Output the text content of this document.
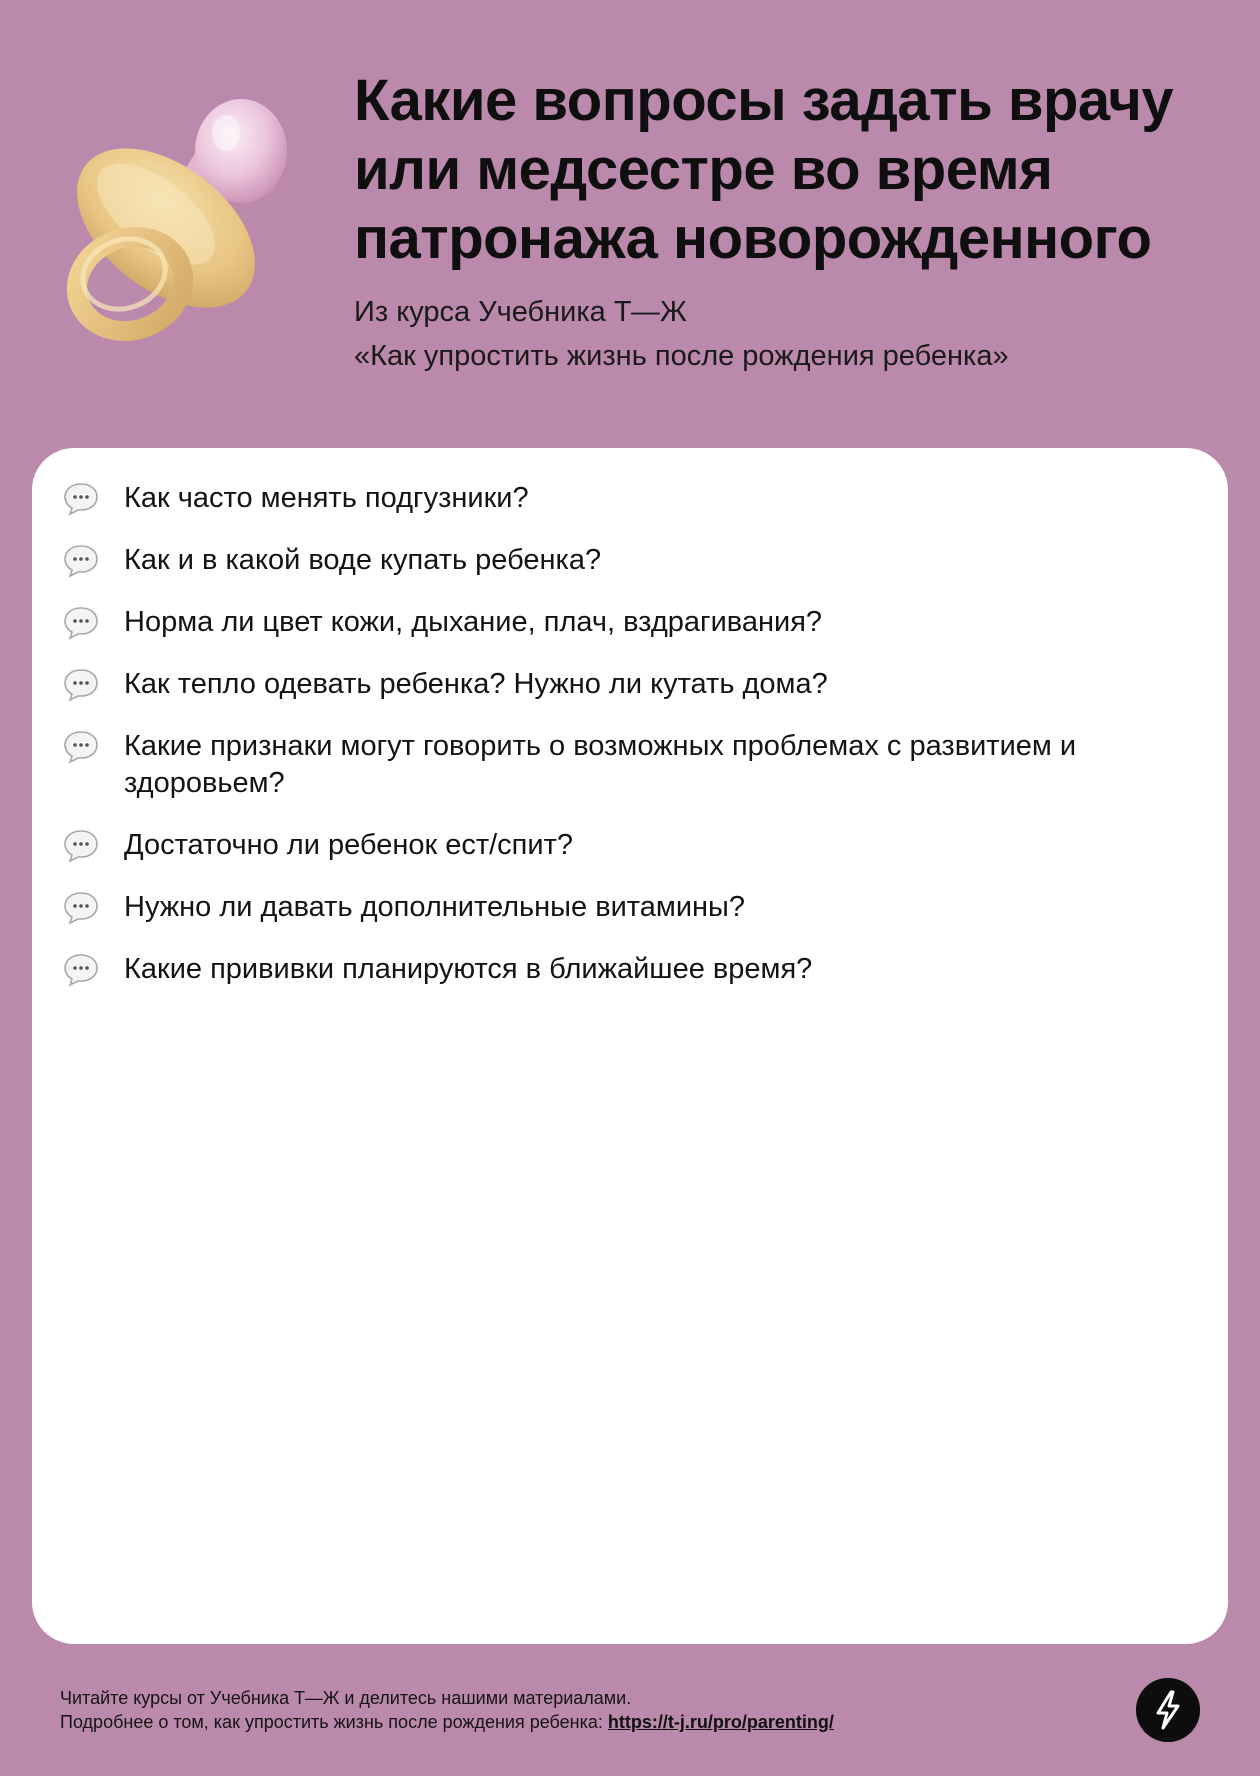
Какие вопросы задать врачу
или медсестре во время
патронажа новорожденного
Из курса Учебника Т—Ж
«Как упростить жизнь после рождения ребенка»
Как часто менять подгузники?
Как и в какой воде купать ребенка?
Норма ли цвет кожи, дыхание, плач, вздрагивания?
Как тепло одевать ребенка? Нужно ли кутать дома?
Какие признаки могут говорить о возможных проблемах с развитием и здоровьем?
Достаточно ли ребенок ест/спит?
Нужно ли давать дополнительные витамины?
Какие прививки планируются в ближайшее время?
Читайте курсы от Учебника Т—Ж и делитесь нашими материалами.
Подробнее о том, как упростить жизнь после рождения ребенка: https://t-j.ru/pro/parenting/
